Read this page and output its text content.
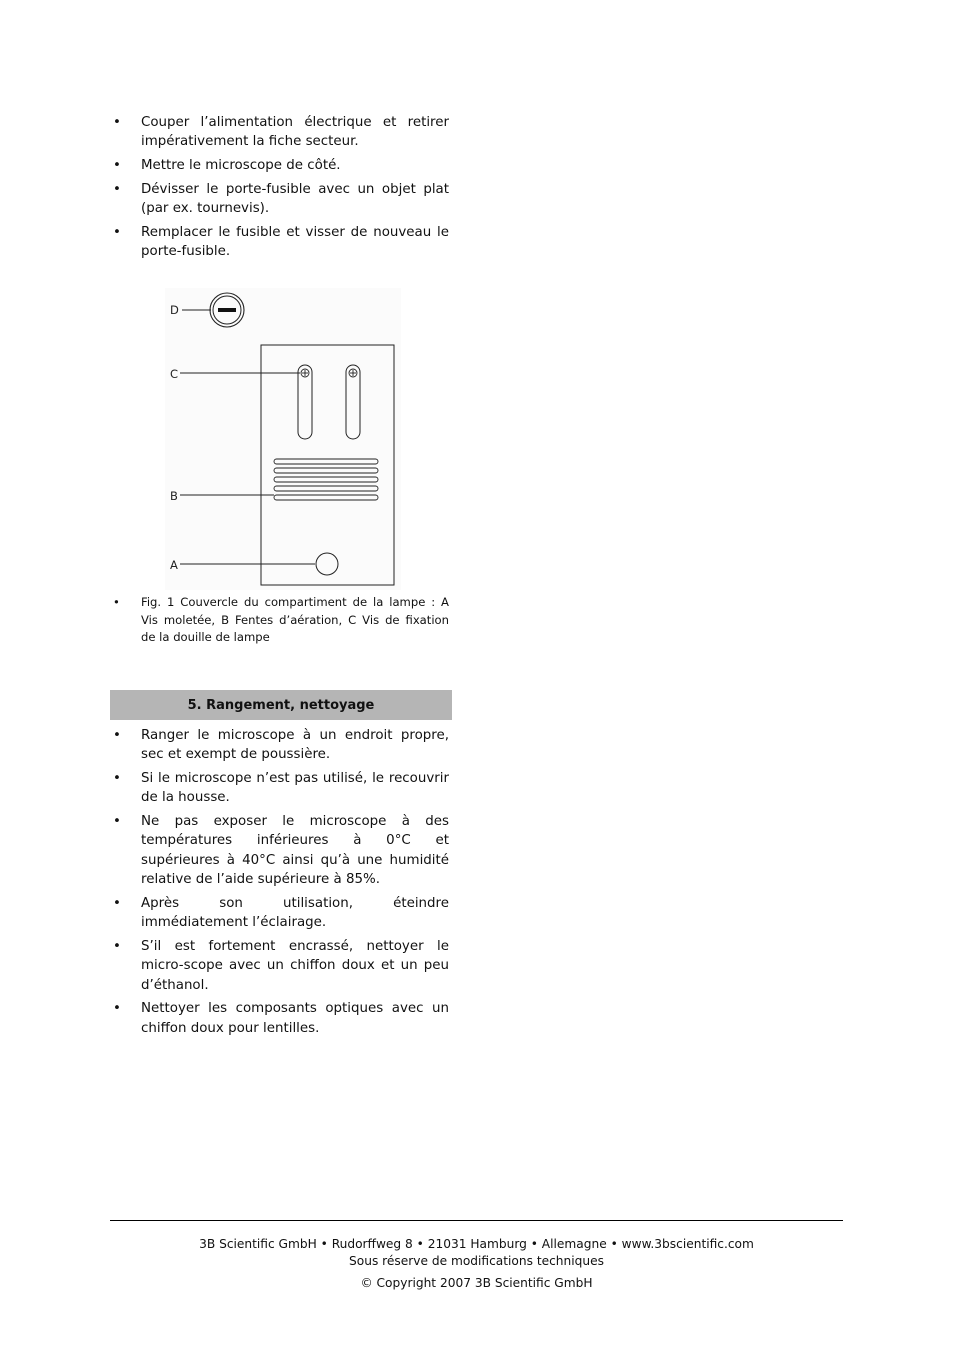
• Couper l’alimentation électrique et retirer impérativement la fiche secteur.
• Mettre le microscope de côté.
• Dévisser le porte-fusible avec un objet plat (par ex. tournevis).
• Remplacer le fusible et visser de nouveau le porte-fusible.
D
C
B
A
• Fig. 1 Couvercle du compartiment de la lampe : A Vis moletée, B Fentes d’aération, C Vis de fixation de la douille de lampe
5. Rangement, nettoyage
• Ranger le microscope à un endroit propre, sec et exempt de poussière.
• Si le microscope n’est pas utilisé, le recouvrir de la housse.
• Ne pas exposer le microscope à des températures inférieures à 0°C et supérieures à 40°C ainsi qu’à une humidité relative de l’aide supérieure à 85%.
• Après son utilisation, éteindre immédiatement l’éclairage.
• S’il est fortement encrassé, nettoyer le micro-scope avec un chiffon doux et un peu d’éthanol.
• Nettoyer les composants optiques avec un chiffon doux pour lentilles.
3B Scientific GmbH • Rudorffweg 8 • 21031 Hamburg • Allemagne • www.3bscientific.com
Sous réserve de modifications techniques
© Copyright 2007 3B Scientific GmbH
